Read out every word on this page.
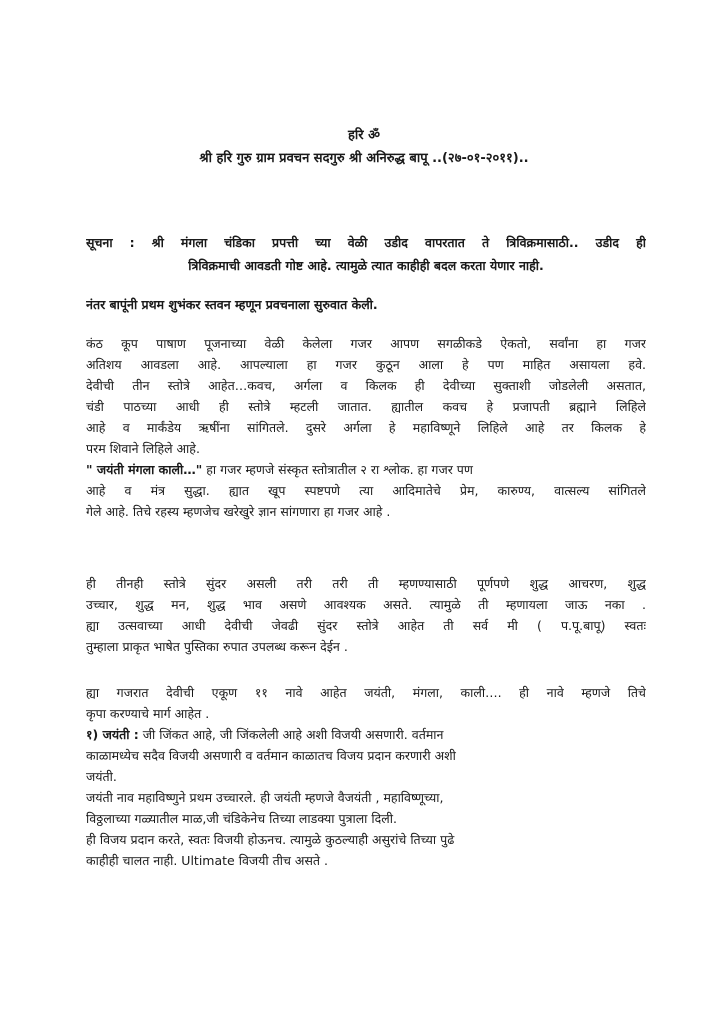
हरि ॐ
श्री हरि गुरु ग्राम प्रवचन सदगुरु श्री अनिरुद्ध बापू ..(२७-०१-२०११)..
सूचना : श्री मंगला चंडिका प्रपत्ती च्या वेळी उडीद वापरतात ते त्रिविक्रमासाठी.. उडीद ही
त्रिविक्रमाची आवडती गोष्ट आहे. त्यामुळे त्यात काहीही बदल करता येणार नाही.
नंतर बापूंनी प्रथम शुभंकर स्तवन म्हणून प्रवचनाला सुरुवात केली.
कंठ कूप पाषाण पूजनाच्या वेळी केलेला गजर आपण सगळीकडे ऐकतो, सर्वांना हा गजर
अतिशय आवडला आहे. आपल्याला हा गजर कुठून आला हे पण माहित असायला हवे.
देवीची तीन स्तोत्रे आहेत…कवच, अर्गला व किलक ही देवीच्या सुक्ताशी जोडलेली असतात,
चंडी पाठच्या आधी ही स्तोत्रे म्हटली जातात. ह्यातील कवच हे प्रजापती ब्रह्माने लिहिले
आहे व मार्कंडेय ऋषींना सांगितले. दुसरे अर्गला हे महाविष्णूने लिहिले आहे तर किलक हे
परम शिवाने लिहिले आहे.
" जयंती मंगला काली…" हा गजर म्हणजे संस्कृत स्तोत्रातील २ रा श्लोक. हा गजर पण
आहे व मंत्र सुद्धा. ह्यात खूप स्पष्टपणे त्या आदिमातेचे प्रेम, कारुण्य, वात्सल्य सांगितले
गेले आहे. तिचे रहस्य म्हणजेच खरेखुरे ज्ञान सांगणारा हा गजर आहे .
ही तीनही स्तोत्रे सुंदर असली तरी तरी ती म्हणण्यासाठी पूर्णपणे शुद्ध आचरण, शुद्ध
उच्चार, शुद्ध मन, शुद्ध भाव असणे आवश्यक असते. त्यामुळे ती म्हणायला जाऊ नका .
ह्या उत्सवाच्या आधी देवीची जेवढी सुंदर स्तोत्रे आहेत ती सर्व मी ( प.पू.बापू) स्वतः
तुम्हाला प्राकृत भाषेत पुस्तिका रुपात उपलब्ध करून देईन .
ह्या गजरात देवीची एकूण ११ नावे आहेत जयंती, मंगला, काली…. ही नावे म्हणजे तिचे
कृपा करण्याचे मार्ग आहेत .
१) जयंती : जी जिंकत आहे, जी जिंकलेली आहे अशी विजयी असणारी. वर्तमान
काळामध्येच सदैव विजयी असणारी व वर्तमान काळातच विजय प्रदान करणारी अशी
जयंती.
जयंती नाव महाविष्णुने प्रथम उच्चारले. ही जयंती म्हणजे वैजयंती , महाविष्णूच्या,
विठ्ठलाच्या गळ्यातील माळ,जी चंडिकेनेच तिच्या लाडक्या पुत्राला दिली.
ही विजय प्रदान करते, स्वतः विजयी होऊनच. त्यामुळे कुठल्याही असुरांचे तिच्या पुढे
काहीही चालत नाही. Ultimate विजयी तीच असते .
